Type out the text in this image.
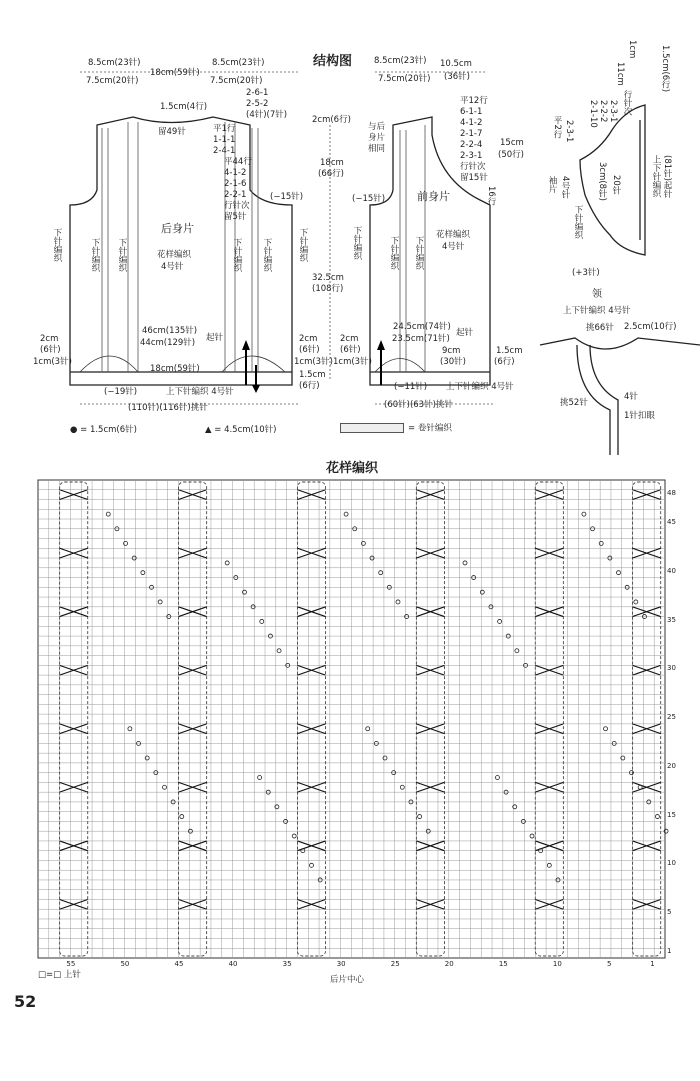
结构图
8.5cm(23针)
7.5cm(20针)
18cm(59针)
8.5cm(23针)
7.5cm(20针)
1.5cm(4行)
留49针
2-6-1
2-5-2
(4针)(7针)
平1行
1-1-1
2-4-1
平44行
4-1-2
2-1-6
2-2-1
行针次
留5针
(−15针)
下针编织	下针编织 下针编织	下针编织 下针编织	下针编织
后身片
花样编织
4号针
46cm(135针)
44cm(129针) 起针
2cm
(6针)
1cm(3针)
2cm
(6针)
1cm(3针)
18cm(59针)
(−19针)	上下针编织 4号针
(110针)(116针)挑针
2cm(6行)
18cm
(66行)
32.5cm
(108行)
1.5cm
(6行)
8.5cm(23针)
7.5cm(20针)
10.5cm
(36针)
与后
身片
相同
平12行
6-1-1
4-1-2
2-1-7
2-2-4
2-3-1
行针次
留15针
15cm
(50行)
16行
(−15针)	前身片
花样编织
4号针
下针编织	下针编织 下针编织
24.5cm(74针)
23.5cm(71针)
起针
2cm
(6针)
1cm(3针)
9cm
(30针)
1.5cm
(6行)
(−11针) 上下针编织 4号针
(60针)(63针)挑针
● = 1.5cm(6针)	▲ = 4.5cm(10针)	= 卷针编织
1cm
11cm	1.5cm(6行)
平2行 2-3-1
2-1-10 2-2-2 2-3-1 行针次
袖片 4号针
下针编织
3cm(8针) 20针	上下针编织 (81针)起针
(+3针)
领
上下针编织 4号针
挑66针 2.5cm(10行)
挑52针
4针
1针扣眼
花样编织
55	50	45	40	35	30	25	20	15	10	5	1
48
45
40
35
30
25
20
15
10
5
1
后片中心
□=□ 上针
52
